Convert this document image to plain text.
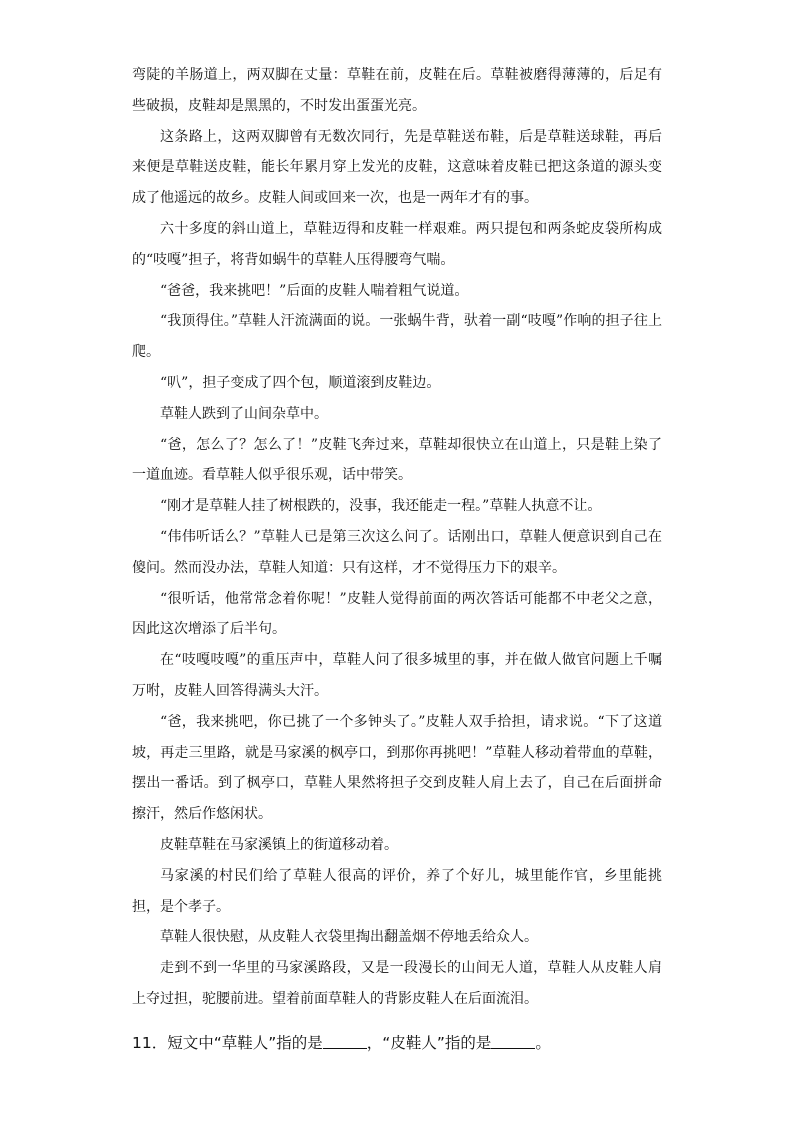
弯陡的羊肠道上，两双脚在丈量：草鞋在前，皮鞋在后。草鞋被磨得薄薄的，后足有些破损，皮鞋却是黑黑的，不时发出蛋蛋光亮。

这条路上，这两双脚曾有无数次同行，先是草鞋送布鞋，后是草鞋送球鞋，再后来便是草鞋送皮鞋，能长年累月穿上发光的皮鞋，这意味着皮鞋已把这条道的源头变成了他遥远的故乡。皮鞋人间或回来一次，也是一两年才有的事。

六十多度的斜山道上，草鞋迈得和皮鞋一样艰难。两只提包和两条蛇皮袋所构成的“吱嘎”担子，将背如蜗牛的草鞋人压得腰弯气喘。

“爸爸，我来挑吧！”后面的皮鞋人喘着粗气说道。

“我顶得住。”草鞋人汗流满面的说。一张蜗牛背，驮着一副“吱嘎”作响的担子往上爬。

“叭”，担子变成了四个包，顺道滚到皮鞋边。

草鞋人跌到了山间杂草中。

“爸，怎么了？怎么了！”皮鞋飞奔过来，草鞋却很快立在山道上，只是鞋上染了一道血迹。看草鞋人似乎很乐观，话中带笑。

“刚才是草鞋人挂了树根跌的，没事，我还能走一程。”草鞋人执意不让。

“伟伟听话么？”草鞋人已是第三次这么问了。话刚出口，草鞋人便意识到自己在傻问。然而没办法，草鞋人知道：只有这样，才不觉得压力下的艰辛。

“很听话，他常常念着你呢！”皮鞋人觉得前面的两次答话可能都不中老父之意，因此这次增添了后半句。

在“吱嘎吱嘎”的重压声中，草鞋人问了很多城里的事，并在做人做官问题上千嘱万咐，皮鞋人回答得满头大汗。

“爸，我来挑吧，你已挑了一个多钟头了。”皮鞋人双手拾担，请求说。“下了这道坡，再走三里路，就是马家溪的枫亭口，到那你再挑吧！”草鞋人移动着带血的草鞋，摆出一番话。到了枫亭口，草鞋人果然将担子交到皮鞋人肩上去了，自己在后面拼命擦汗，然后作悠闲状。

皮鞋草鞋在马家溪镇上的街道移动着。

马家溪的村民们给了草鞋人很高的评价，养了个好儿，城里能作官，乡里能挑担，是个孝子。

草鞋人很快慰，从皮鞋人衣袋里掏出翻盖烟不停地丢给众人。

走到不到一华里的马家溪路段，又是一段漫长的山间无人道，草鞋人从皮鞋人肩上夺过担，驼腰前进。望着前面草鞋人的背影皮鞋人在后面流泪。

11．短文中“草鞋人”指的是	，“皮鞋人”指的是	。
